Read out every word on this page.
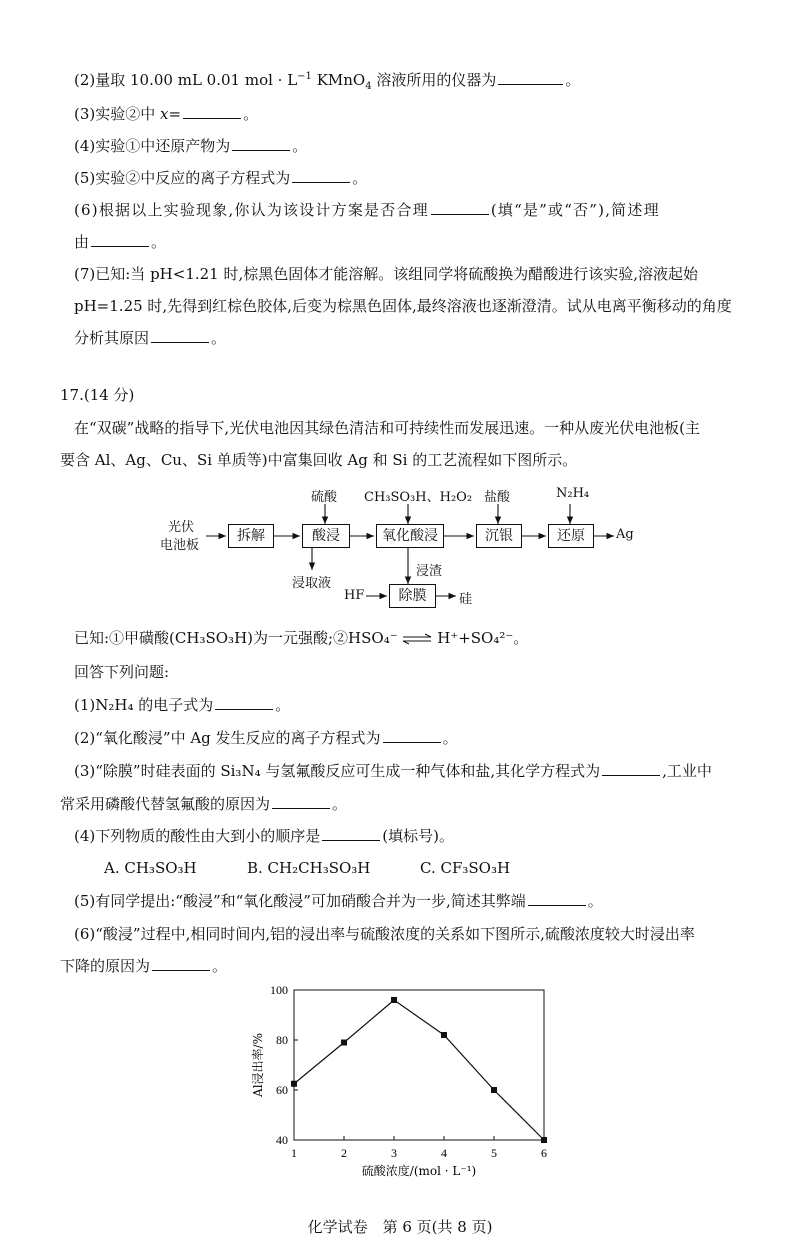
(2)量取 10.00 mL 0.01 mol · $L^{-1}$ KMnO$_4$ 溶液所用的仪器为	。
(3)实验②中 x=	。
(4)实验①中还原产物为	。
(5)实验②中反应的离子方程式为	。
(6)根据以上实验现象,你认为该设计方案是否合理	(填“是”或“否”),简述理
由	。
(7)已知:当 pH<1.21 时,棕黑色固体才能溶解。该组同学将硫酸换为醋酸进行该实验,溶液起始
pH=1.25 时,先得到红棕色胶体,后变为棕黑色固体,最终溶液也逐渐澄清。试从电离平衡移动的角度
分析其原因	。
17.(14 分)
在“双碳”战略的指导下,光伏电池因其绿色清洁和可持续性而发展迅速。一种从废光伏电池板(主
要含 Al、Ag、Cu、Si 单质等)中富集回收 Ag 和 Si 的工艺流程如下图所示。
光伏
电池板
拆解	酸浸	氧化酸浸	沉银	还原
除膜
硫酸 CH₃SO₃H、H₂O₂ 盐酸	N₂H₄
Ag
浸取液
浸渣
HF	硅
已知:①甲磺酸(CH₃SO₃H)为一元强酸;②HSO₄⁻ ⇌ H⁺+SO₄²⁻。
回答下列问题:
(1)N₂H₄ 的电子式为	。
(2)“氧化酸浸”中 Ag 发生反应的离子方程式为	。
(3)“除膜”时硅表面的 Si₃N₄ 与氢氟酸反应可生成一种气体和盐,其化学方程式为	,工业中
常采用磷酸代替氢氟酸的原因为	。
(4)下列物质的酸性由大到小的顺序是	(填标号)。
A. CH₃SO₃H	B. CH₂CH₃SO₃H	C. CF₃SO₃H
(5)有同学提出:“酸浸”和“氧化酸浸”可加硝酸合并为一步,简述其弊端	。
(6)“酸浸”过程中,相同时间内,铝的浸出率与硫酸浓度的关系如下图所示,硫酸浓度较大时浸出率
下降的原因为	。
1	2	3	4	5	6
40
60
80
100
硫酸浓度/(mol · L⁻¹)
Al浸出率/%
化学试卷　第 6 页(共 8 页)
